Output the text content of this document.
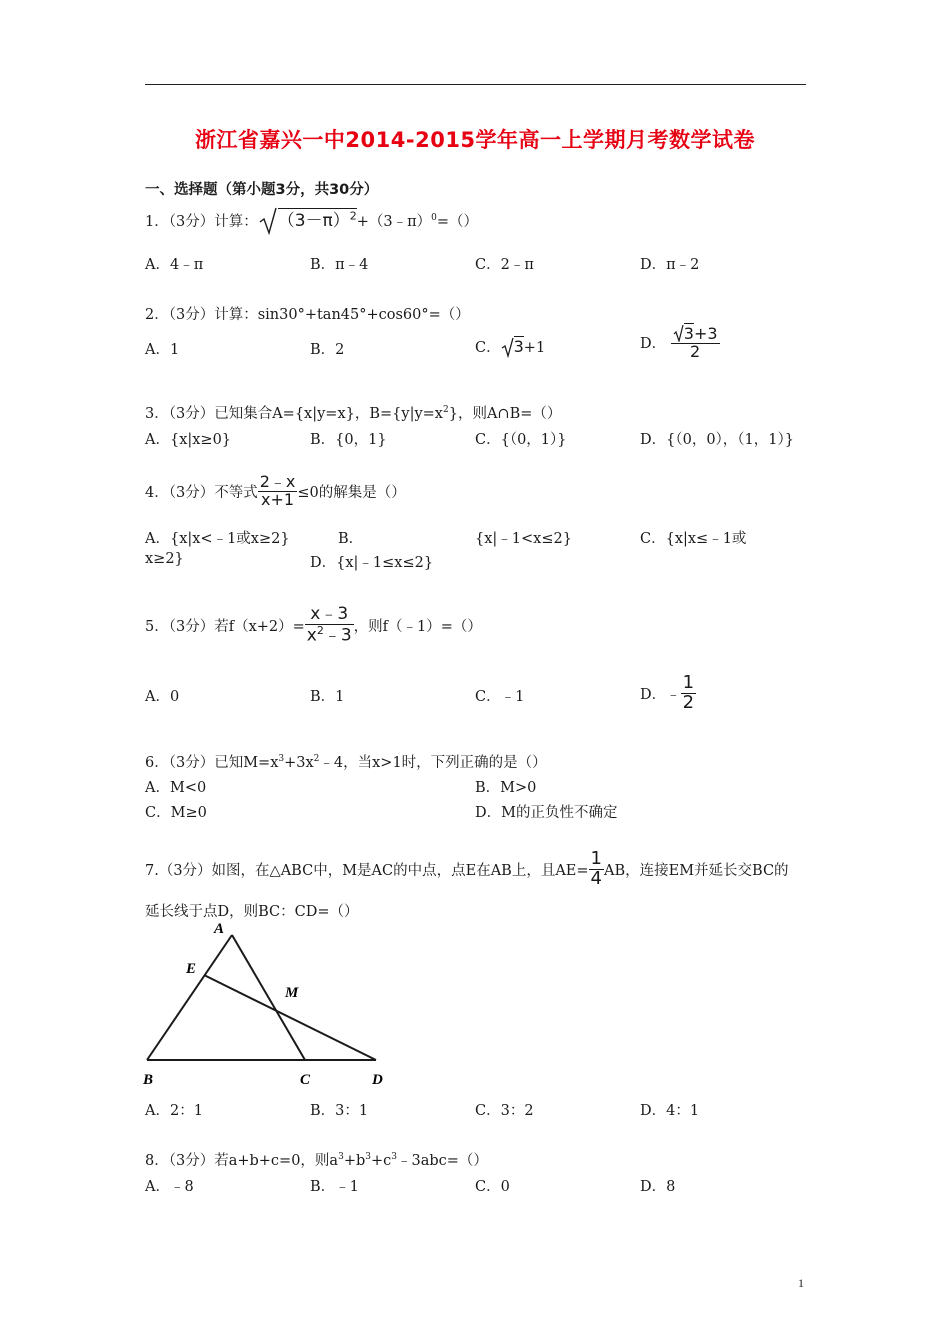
浙江省嘉兴一中2014-2015学年高一上学期月考数学试卷
一、选择题（第小题3分，共30分）
1．（3分）计算： $(3-\pi)^2+(3﹣\pi)^0=()$
A．4﹣π	B．π﹣4	C．2﹣π	D．π﹣2
2．（3分）计算：sin30°+tan45°+cos60°=（）
A．1	B．2	C． 3+1	D． $\frac{3+3}{2}$
3．（3分）已知集合A={x|y=x}，$B=\{y|y=x^2\}$，则A∩B=（）
A．{x|x≥0}	B．{0，1}	C．{（0，1）}	D．{（0，0），（1，1）}
4．（3分）不等式 $\frac{2﹣x}{x+1} \le 0$的解集是（）
A．{x|x<﹣1或x≥2}	B．	{x|﹣1<x≤2}	C．{x|x≤﹣1或
x≥2}	D．{x|﹣1≤x≤2}
5．（3分）若$f(x+2)= \frac{x﹣3}{x^2﹣3}$ ，则f（﹣1）=（）
A．0	B．1	C．﹣1	D．﹣ $\frac{1}{2}$
6．（3分）已知$M=x^3+3x^2﹣4$，当x>1时，下列正确的是（）
A．M<0	B．M>0
C．M≥0	D．M的正负性不确定
7.（3分）如图，在△ABC中，M是AC的中点，点E在AB上，且$AE= \frac{1}{4}$ AB，连接EM并延长交BC的
延长线于点D，则BC：CD=（）
A
E
M
B	C	D
A．2：1	B．3：1	C．3：2	D．4：1
8．（3分）若a+b+c=0，则$a^3+b^3+c^3﹣3abc=()$
A．﹣8	B．﹣1	C．0	D．8
1
